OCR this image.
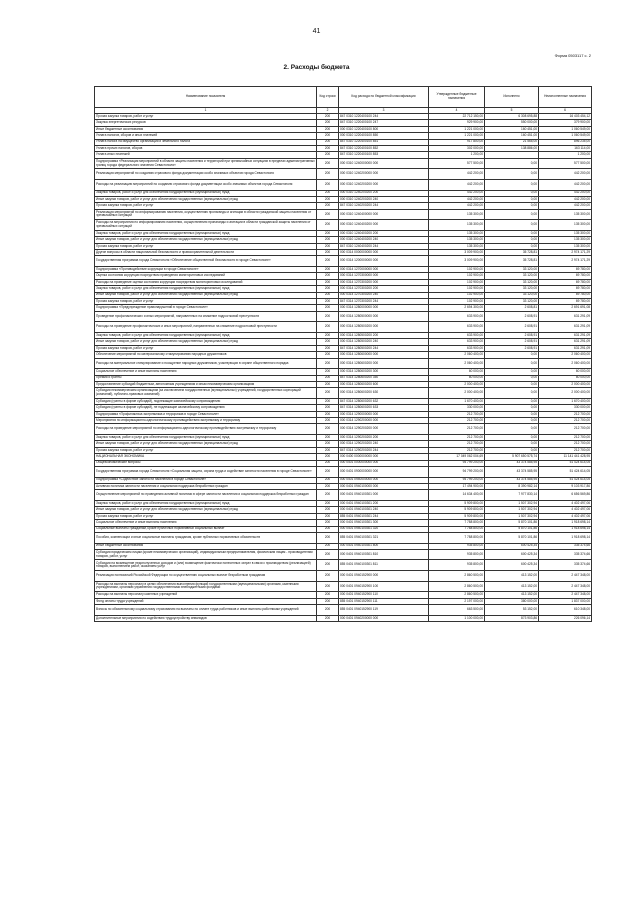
41
Форма 0503117 с. 2
2. Расходы бюджета
Наименование показателя	Код строки	Код расхода по бюджетной классификации	Утвержденные бюджетные назначения	Исполнено	Неисполненные назначения
1	2	3	4	5	6
Прочая закупка товаров, работ и услуг	200	847 0310 1220400100 244	22 712 150,00	6 308 695,88	16 403 454,12
Закупка энергетических ресурсов	200	847 0310 1220400100 247	929 900,00	550 000,00	379 900,00
Иные бюджетные ассигнования	200	000 0310 1220400100 800	1 221 000,00	160 451,00	1 060 549,00
Уплата налогов, сборов и иных платежей	200	000 0310 1220400100 850	1 221 000,00	160 451,00	1 060 549,00
Уплата налога на имущество организаций и земельного налога	200	847 0310 1220400100 851	917 800,00	21 565,00	896 235,00
Уплата прочих налогов, сборов	200	847 0310 1220400100 852	302 000,00	138 886,00	163 114,00
Уплата иных платежей	200	847 0310 1220400100 853	1 200,00		1 200,00
Подпрограмма «Реализация мероприятий в области защиты населения и территорий при чрезвычайных ситуациях в пределах административных границ города федерального значения Севастополя»	200	000 0310 1240000000 000	577 500,00	0,00	577 500,00
Реализация мероприятий по созданию страхового фонда документации особо значимых объектов города Севастополя	200	000 0310 1240200000 000	442 200,00	0,00	442 200,00
Расходы на реализацию мероприятий по созданию страхового фонда документации особо значимых объектов города Севастополя	200	000 0310 1240200200 000	442 200,00	0,00	442 200,00
Закупка товаров, работ и услуг для обеспечения государственных (муниципальных) нужд	200	000 0310 1240200200 200	442 200,00	0,00	442 200,00
Иные закупки товаров, работ и услуг для обеспечения государственных (муниципальных) нужд	200	000 0310 1240200200 240	442 200,00	0,00	442 200,00
Прочая закупка товаров, работ и услуг	200	847 0310 1240200200 244	442 200,00	0,00	442 200,00
Реализация мероприятий по информированию населения, осуществлению пропаганды и агитации в области гражданской защиты населения от чрезвычайных ситуаций	200	000 0310 1240400000 000	135 300,00	0,00	135 300,00
Расходы на мероприятия по информированию населения, осуществлению пропаганды и агитации в области гражданской защиты населения от чрезвычайных ситуаций	200	000 0310 1240400200 000	135 300,00	0,00	135 300,00
Закупка товаров, работ и услуг для обеспечения государственных (муниципальных) нужд	200	000 0310 1240400200 200	135 300,00	0,00	135 300,00
Иные закупки товаров, работ и услуг для обеспечения государственных (муниципальных) нужд	200	000 0310 1240400200 240	135 300,00	0,00	135 300,00
Прочая закупка товаров, работ и услуг	200	847 0310 1240400200 244	135 300,00	0,00	135 300,00
Другие вопросы в области национальной безопасности и правоохранительной деятельности	200	000 0314 0000000000 000	3 009 900,00	35 728,81	2 974 171,29
Государственная программа города Севастополя «Обеспечение общественной безопасности в городе Севастополе»	200	000 0314 1200000000 000	3 009 900,00	35 728,81	2 974 171,29
Подпрограмма «Противодействие коррупции в городе Севастополе»	200	000 0314 1270000000 000	102 900,00	33 120,00	69 780,00
Оценка состояния коррупции посредством проведения мониторинговых исследований	200	000 0314 1270300000 000	102 900,00	33 120,00	69 780,00
Расходы на проведение оценки состояния коррупции посредством мониторинговых исследований	200	000 0314 1270300200 000	102 900,00	33 120,00	69 780,00
Закупка товаров, работ и услуг для обеспечения государственных (муниципальных) нужд	200	000 0314 1270300200 200	102 900,00	33 120,00	69 780,00
Иные закупки товаров, работ и услуг для обеспечения государственных (муниципальных) нужд	200	000 0314 1270300200 240	102 900,00	33 120,00	69 780,00
Прочая закупка товаров, работ и услуг	200	847 0314 1270300200 244	102 900,00	33 120,00	69 780,00
Подпрограмма «Предупреждение правонарушений в городе Севастополе»	200	000 0314 1280000000 000	2 694 300,00	2 608,81	2 691 691,08
Проведение профилактических и иных мероприятий, направленных на снижение подростковой преступности	200	000 0314 1280500000 000	633 900,00	2 608,91	631 291,09
Расходы на проведение профилактических и иных мероприятий, направленных на снижение подростковой преступности	200	000 0314 1280500200 000	633 900,00	2 608,91	631 291,09
Закупка товаров, работ и услуг для обеспечения государственных (муниципальных) нужд	200	000 0314 1280500200 200	633 900,00	2 608,91	631 291,09
Иные закупки товаров, работ и услуг для обеспечения государственных (муниципальных) нужд	200	000 0314 1280500200 240	633 900,00	2 608,91	631 291,09
Прочая закупка товаров, работ и услуг	200	847 0314 1280500200 244	633 900,00	2 608,91	631 291,09
Обеспечение мероприятий по материальному стимулированию народных дружинников	200	000 0314 1280600000 000	2 060 400,00	0,00	2 060 400,00
Расходы на материальное стимулирование и поощрение народных дружинников, участвующих в охране общественного порядка	200	000 0314 1280600200 000	2 060 400,00	0,00	2 060 400,00
Социальное обеспечение и иные выплаты населению	200	000 0314 1280600200 300	60 000,00	0,00	60 000,00
Премии и гранты	200	847 0314 1280600200 350	60 000,00	0,00	60 000,00
Предоставление субсидий бюджетным, автономным учреждениям и иным некоммерческим организациям	200	000 0314 1280600200 600	2 000 400,00	0,00	2 000 400,00
Субсидии некоммерческим организациям (за исключением государственных (муниципальных) учреждений, государственных корпораций (компаний), публично-правовых компаний)	200	000 0314 1280600200 630	2 000 400,00	0,00	2 000 400,00
Субсидии (гранты в форме субсидий), подлежащие казначейскому сопровождению	200	847 0314 1280600200 632	1 670 400,00	0,00	1 670 400,00
Субсидии (гранты в форме субсидий), не подлежащие казначейскому сопровождению	200	847 0314 1280600200 633	330 000,00	0,00	330 000,00
Подпрограмма «Профилактика экстремизма и терроризма в городе Севастополе»	200	000 0314 1290000000 000	212 700,00	0,00	212 700,00
Мероприятия по информационно-идеологическому противодействию экстремизму и терроризму	200	000 0314 1290200000 000	212 700,00	0,00	212 700,00
Расходы на проведение мероприятий по информационно-идеологическому противодействию экстремизму и терроризму	200	000 0314 1290200200 000	212 700,00	0,00	212 700,00
Закупка товаров, работ и услуг для обеспечения государственных (муниципальных) нужд	200	000 0314 1290200200 200	212 700,00	0,00	212 700,00
Иные закупки товаров, работ и услуг для обеспечения государственных (муниципальных) нужд	200	000 0314 1290200200 240	212 700,00	0,00	212 700,00
Прочая закупка товаров, работ и услуг	200	847 0314 1290200200 244	212 700,00	0,00	212 700,00
НАЦИОНАЛЬНАЯ ЭКОНОМИКА	200	000 0400 0000000000 000	17 049 062 004,69	5 907 650 575,74	11 141 441 428,95
Общеэкономические вопросы	200	000 0401 0000000000 000	94 799 200,00	43 374 585,95	51 424 614,05
Государственная программа города Севастополя «Социальная защита, охрана труда и содействие занятости населения в городе Севастополе»	200	000 0401 0900000000 000	94 799 200,00	43 374 585,95	51 424 614,05
Подпрограмма «Содействие занятости населения в городе Севастополе»	200	000 0401 0940000000 000	94 799 200,00	43 374 585,95	51 424 614,05
Активная политика занятости населения и социальная поддержка безработных граждан	200	000 0401 0940100000 000	17 494 900,00	8 390 982,14	9 103 917,86
Осуществление мероприятий по проведению активной политики в сфере занятости населения и социальная поддержка безработных граждан	200	000 0401 0940100301 000	14 634 400,00	7 977 830,14	6 656 569,86
Закупка товаров, работ и услуг для обеспечения государственных (муниципальных) нужд	200	000 0401 0940100301 200	5 909 800,00	1 507 302,94	4 402 497,06
Иные закупки товаров, работ и услуг для обеспечения государственных (муниципальных) нужд	200	000 0401 0940100301 240	5 909 800,00	1 507 302,94	4 402 497,06
Прочая закупка товаров, работ и услуг	200	855 0401 0940100301 244	5 909 800,00	1 507 302,94	4 402 497,06
Социальное обеспечение и иные выплаты населению	200	000 0401 0940100301 300	7 788 800,00	5 870 101,86	1 918 698,14
Социальные выплаты гражданам, кроме публичных нормативных социальных выплат	200	000 0401 0940100301 320	7 788 800,00	5 870 101,86	1 918 698,14
Пособия, компенсации и иные социальные выплаты гражданам, кроме публичных нормативных обязательств	200	855 0401 0940100301 321	7 788 800,00	5 870 101,86	1 918 698,14
Иные бюджетные ассигнования	200	000 0401 0940100301 800	935 800,00	600 425,34	335 374,66
Субсидии юридическим лицам (кроме некоммерческих организаций), индивидуальным предпринимателям, физическим лицам - производителям товаров, работ, услуг	200	000 0401 0940100301 810	935 800,00	600 425,34	335 374,66
Субсидии на возмещение недополученных доходов и (или) возмещение фактически понесенных затрат в связи с производством (реализацией) товаров, выполнением работ, оказанием услуг	200	855 0401 0940100301 811	935 800,00	600 425,34	335 374,66
Реализация полномочий Российской Федерации по осуществлению социальных выплат безработным гражданам	200	000 0401 0940152900 000	2 860 500,00	413 152,00	2 447 348,00
Расходы на выплаты персоналу в целях обеспечения выполнения функций государственными (муниципальными) органами, казенными учреждениями, органами управления государственными внебюджетными фондами	200	000 0401 0940152900 100	2 860 500,00	413 152,00	2 447 348,00
Расходы на выплаты персоналу казенных учреждений	200	000 0401 0940152900 110	2 860 500,00	413 152,00	2 447 348,00
Фонд оплаты труда учреждений	200	855 0401 0940152900 111	2 197 000,00	380 000,00	1 837 000,00
Взносы по обязательному социальному страхованию на выплаты по оплате труда работников и иные выплаты работникам учреждений	200	855 0401 0940152900 119	663 500,00	53 152,00	610 348,00
Дополнительные мероприятия по содействию трудоустройству инвалидов	200	000 0401 0940200000 000	1 100 000,00	873 903,86	226 096,14
